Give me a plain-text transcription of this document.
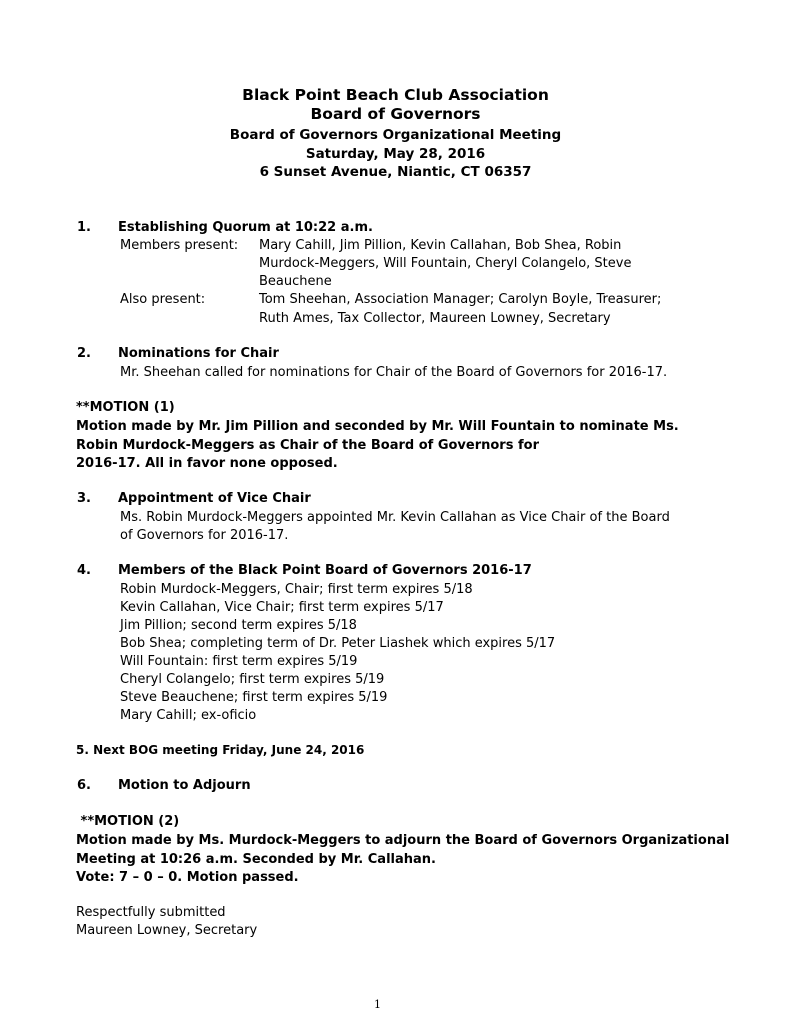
Black Point Beach Club Association
Board of Governors
Board of Governors Organizational Meeting
Saturday, May 28, 2016
6 Sunset Avenue, Niantic, CT 06357
1. Establishing Quorum at 10:22 a.m.
Members present: Mary Cahill, Jim Pillion, Kevin Callahan, Bob Shea, Robin
Murdock-Meggers, Will Fountain, Cheryl Colangelo, Steve
Beauchene
Also present:	Tom Sheehan, Association Manager; Carolyn Boyle, Treasurer;
Ruth Ames, Tax Collector, Maureen Lowney, Secretary
2. Nominations for Chair
Mr. Sheehan called for nominations for Chair of the Board of Governors for 2016-17.
**MOTION (1)
Motion made by Mr. Jim Pillion and seconded by Mr. Will Fountain to nominate Ms.
Robin Murdock-Meggers as Chair of the Board of Governors for
2016-17. All in favor none opposed.
3. Appointment of Vice Chair
Ms. Robin Murdock-Meggers appointed Mr. Kevin Callahan as Vice Chair of the Board
of Governors for 2016-17.
4. Members of the Black Point Board of Governors 2016-17
Robin Murdock-Meggers, Chair; first term expires 5/18
Kevin Callahan, Vice Chair; first term expires 5/17
Jim Pillion; second term expires 5/18
Bob Shea; completing term of Dr. Peter Liashek which expires 5/17
Will Fountain: first term expires 5/19
Cheryl Colangelo; first term expires 5/19
Steve Beauchene; first term expires 5/19
Mary Cahill; ex-oficio
5. Next BOG meeting Friday, June 24, 2016
6. Motion to Adjourn
**MOTION (2)
Motion made by Ms. Murdock-Meggers to adjourn the Board of Governors Organizational
Meeting at 10:26 a.m. Seconded by Mr. Callahan.
Vote: 7 – 0 – 0. Motion passed.
Respectfully submitted
Maureen Lowney, Secretary
1
